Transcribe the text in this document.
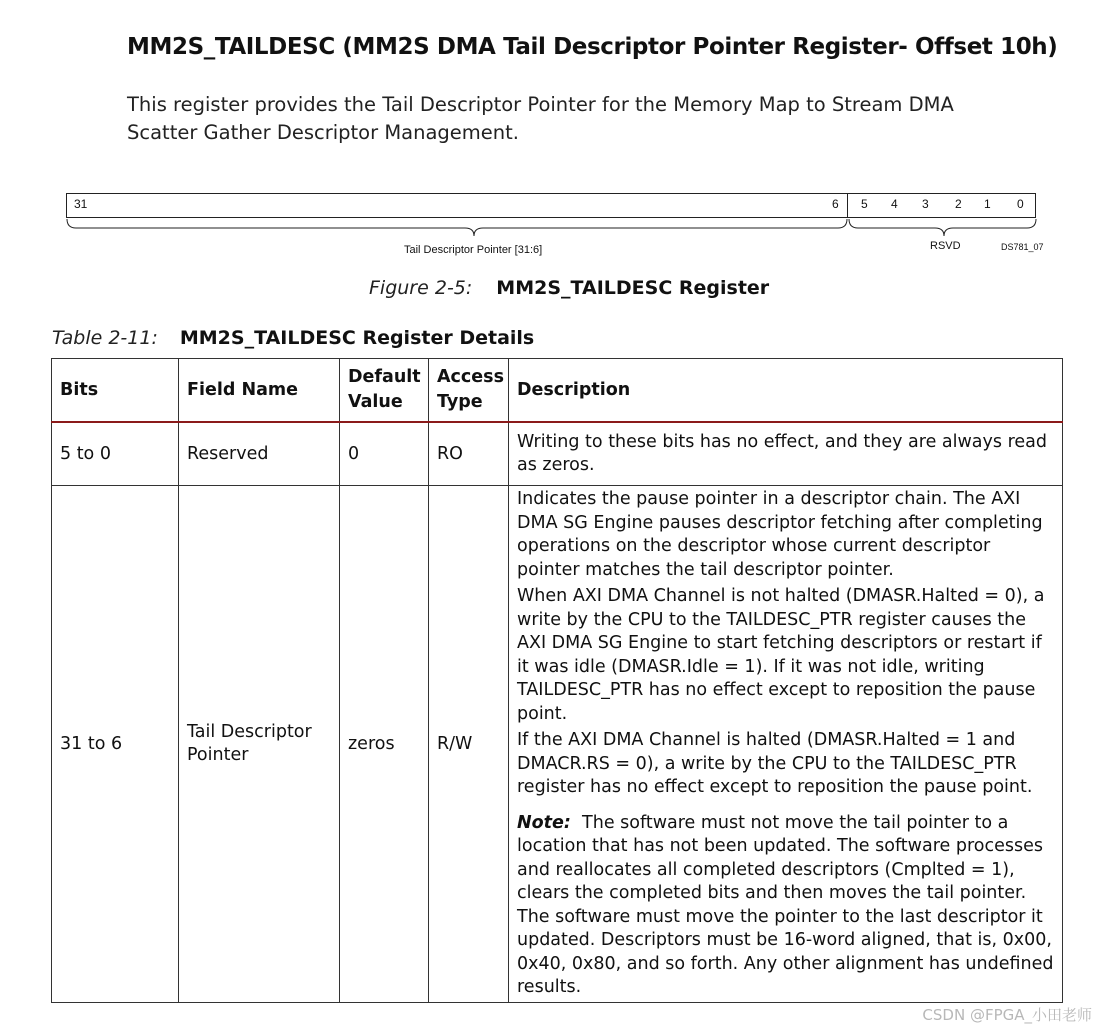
MM2S_TAILDESC (MM2S DMA Tail Descriptor Pointer Register- Offset 10h)

This register provides the Tail Descriptor Pointer for the Memory Map to Stream DMA Scatter Gather Descriptor Management.

31	6 5 4 3 2 1 0
Tail Descriptor Pointer [31:6]	RSVD	DS781_07

Figure 2-5: MM2S_TAILDESC Register

Table 2-11: MM2S_TAILDESC Register Details

Bits	Field Name	Default Value	Access Type	Description
5 to 0	Reserved	0	RO	Writing to these bits has no effect, and they are always read as zeros.

31 to 6	Tail Descriptor Pointer	zeros	R/W	Indicates the pause pointer in a descriptor chain. The AXI DMA SG Engine pauses descriptor fetching after completing operations on the descriptor whose current descriptor pointer matches the tail descriptor pointer.

When AXI DMA Channel is not halted (DMASR.Halted = 0), a write by the CPU to the TAILDESC_PTR register causes the AXI DMA SG Engine to start fetching descriptors or restart if it was idle (DMASR.Idle = 1). If it was not idle, writing TAILDESC_PTR has no effect except to reposition the pause point.

If the AXI DMA Channel is halted (DMASR.Halted = 1 and DMACR.RS = 0), a write by the CPU to the TAILDESC_PTR register has no effect except to reposition the pause point.

Note: The software must not move the tail pointer to a location that has not been updated. The software processes and reallocates all completed descriptors (Cmplted = 1), clears the completed bits and then moves the tail pointer. The software must move the pointer to the last descriptor it updated. Descriptors must be 16-word aligned, that is, 0x00, 0x40, 0x80, and so forth. Any other alignment has undefined results.

CSDN @FPGA_小田老师
